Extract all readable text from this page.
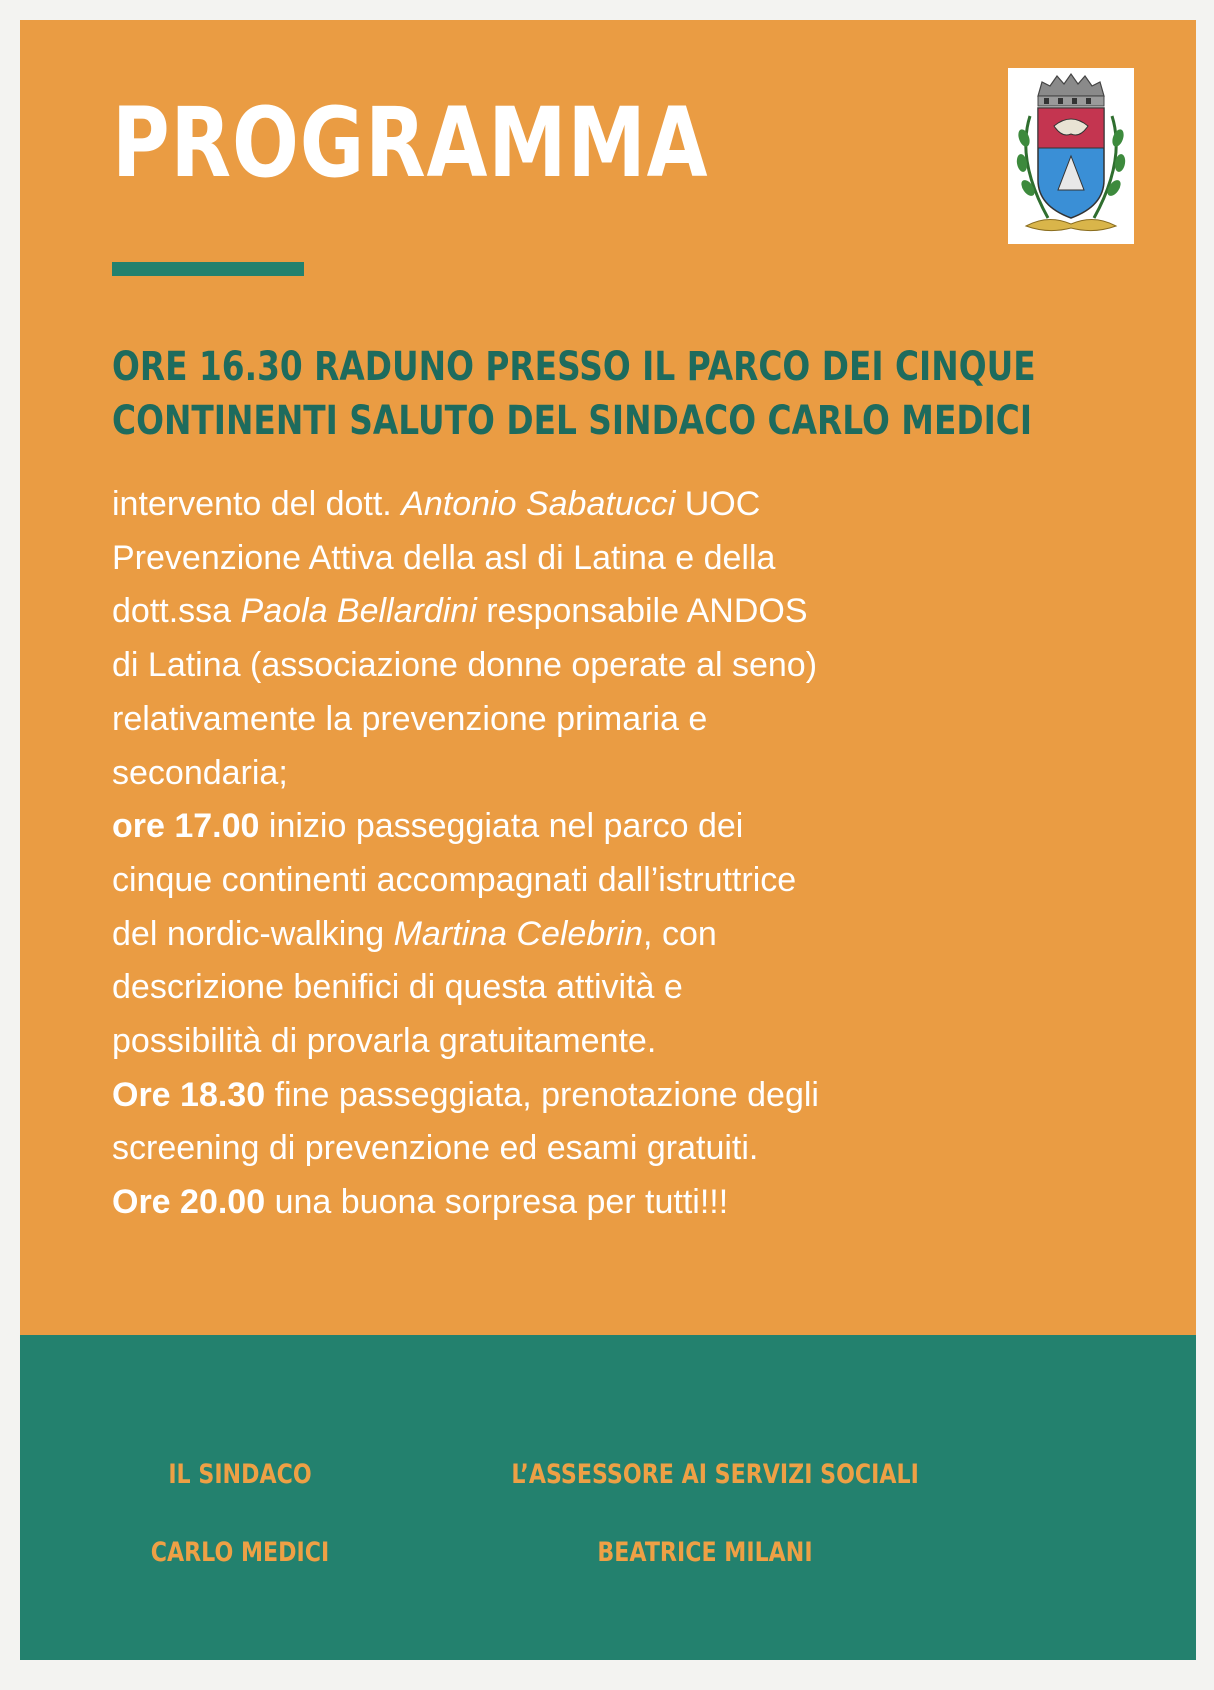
PROGRAMMA
ORE 16.30 RADUNO PRESSO IL PARCO DEI CINQUE
CONTINENTI SALUTO DEL SINDACO CARLO MEDICI

intervento del dott. Antonio Sabatucci UOC

Prevenzione Attiva della asl di Latina e della

dott.ssa Paola Bellardini responsabile ANDOS

di Latina (associazione donne operate al seno)

relativamente la prevenzione primaria e

secondaria;

ore 17.00 inizio passeggiata nel parco dei

cinque continenti accompagnati dall’istruttrice

del nordic-walking Martina Celebrin, con

descrizione benifici di questa attività e

possibilità di provarla gratuitamente.

Ore 18.30 fine passeggiata, prenotazione degli

screening di prevenzione ed esami gratuiti.

Ore 20.00 una buona sorpresa per tutti!!!

IL SINDACO
CARLO MEDICI
L’ASSESSORE AI SERVIZI SOCIALI
BEATRICE MILANI
